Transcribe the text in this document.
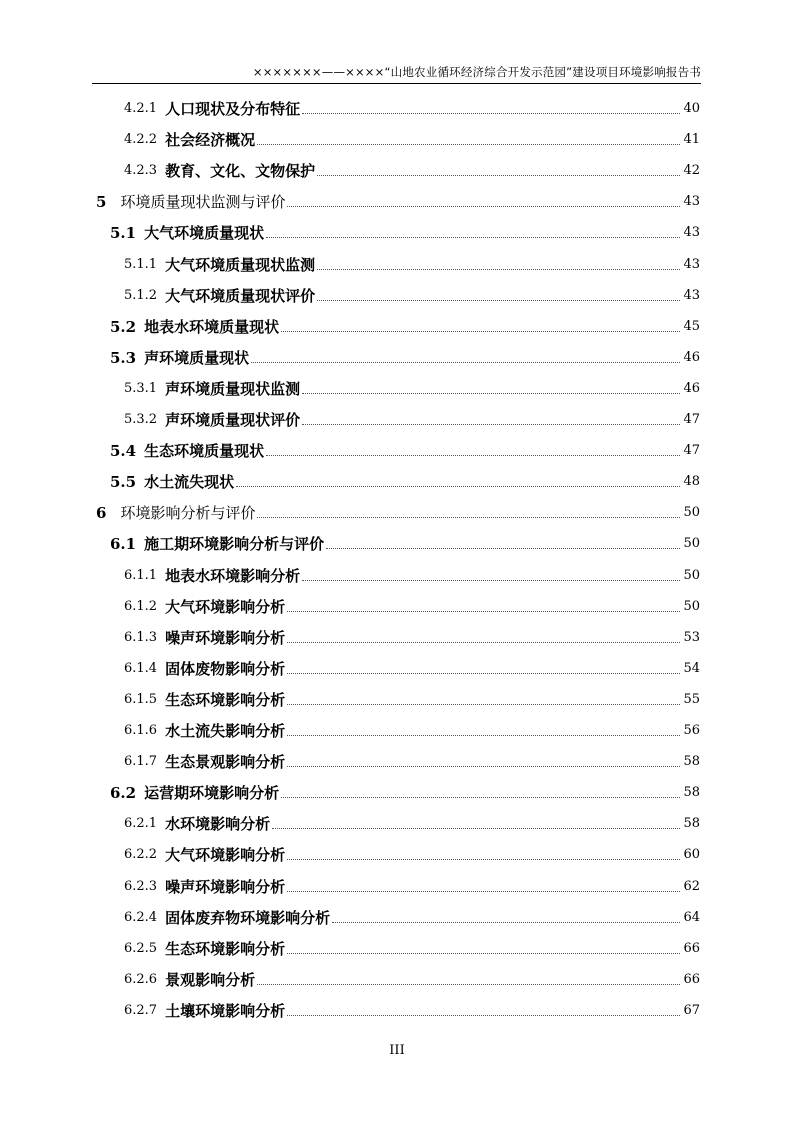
×××××××——××××“山地农业循环经济综合开发示范园”建设项目环境影响报告书
4.2.1 人口现状及分布特征	40
4.2.2 社会经济概况	41
4.2.3 教育、文化、文物保护	42
5 环境质量现状监测与评价	43
5.1 大气环境质量现状	43
5.1.1 大气环境质量现状监测	43
5.1.2 大气环境质量现状评价	43
5.2 地表水环境质量现状	45
5.3 声环境质量现状	46
5.3.1 声环境质量现状监测	46
5.3.2 声环境质量现状评价	47
5.4 生态环境质量现状	47
5.5 水土流失现状	48
6 环境影响分析与评价	50
6.1 施工期环境影响分析与评价	50
6.1.1 地表水环境影响分析	50
6.1.2 大气环境影响分析	50
6.1.3 噪声环境影响分析	53
6.1.4 固体废物影响分析	54
6.1.5 生态环境影响分析	55
6.1.6 水土流失影响分析	56
6.1.7 生态景观影响分析	58
6.2 运营期环境影响分析	58
6.2.1 水环境影响分析	58
6.2.2 大气环境影响分析	60
6.2.3 噪声环境影响分析	62
6.2.4 固体废弃物环境影响分析	64
6.2.5 生态环境影响分析	66
6.2.6 景观影响分析	66
6.2.7 土壤环境影响分析	67
III
